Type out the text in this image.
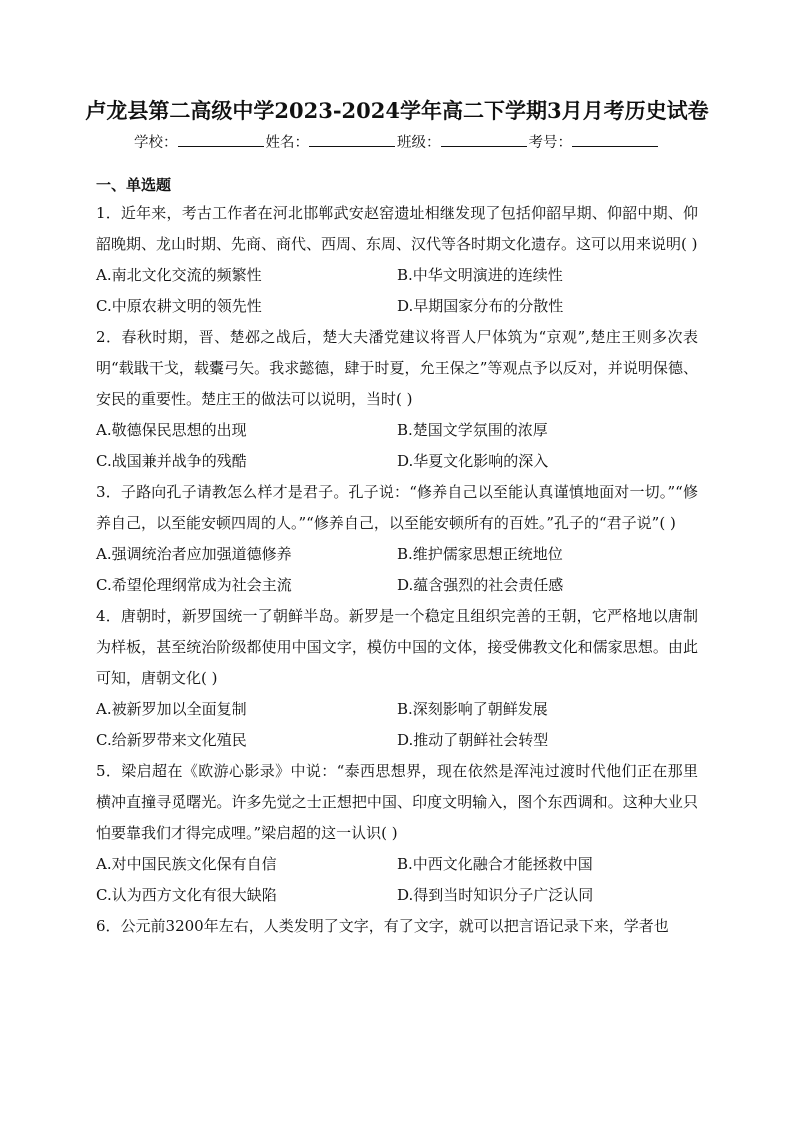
卢龙县第二高级中学2023-2024学年高二下学期3月月考历史试卷
学校：	姓名：	班级：	考号：
一、单选题
1．近年来，考古工作者在河北邯郸武安赵窑遗址相继发现了包括仰韶早期、仰韶中期、仰韶晚期、龙山时期、先商、商代、西周、东周、汉代等各时期文化遗存。这可以用来说明( )
A.南北文化交流的频繁性	B.中华文明演进的连续性
C.中原农耕文明的领先性	D.早期国家分布的分散性
2．春秋时期，晋、楚邲之战后，楚大夫潘党建议将晋人尸体筑为“京观”,楚庄王则多次表明“载戢干戈，载櫜弓矢。我求懿德，肆于时夏，允王保之”等观点予以反对，并说明保德、安民的重要性。楚庄王的做法可以说明，当时( )
A.敬德保民思想的出现	B.楚国文学氛围的浓厚
C.战国兼并战争的残酷	D.华夏文化影响的深入
3．子路向孔子请教怎么样才是君子。孔子说：“修养自己以至能认真谨慎地面对一切。”“修养自己，以至能安顿四周的人。”“修养自己，以至能安顿所有的百姓。”孔子的“君子说”( )
A.强调统治者应加强道德修养	B.维护儒家思想正统地位
C.希望伦理纲常成为社会主流	D.蕴含强烈的社会责任感
4．唐朝时，新罗国统一了朝鲜半岛。新罗是一个稳定且组织完善的王朝，它严格地以唐制为样板，甚至统治阶级都使用中国文字，模仿中国的文体，接受佛教文化和儒家思想。由此可知，唐朝文化( )
A.被新罗加以全面复制	B.深刻影响了朝鲜发展
C.给新罗带来文化殖民	D.推动了朝鲜社会转型
5．梁启超在《欧游心影录》中说：“泰西思想界，现在依然是浑沌过渡时代他们正在那里横冲直撞寻觅曙光。许多先觉之士正想把中国、印度文明输入，图个东西调和。这种大业只怕要靠我们才得完成哩。”梁启超的这一认识( )
A.对中国民族文化保有自信	B.中西文化融合才能拯救中国
C.认为西方文化有很大缺陷	D.得到当时知识分子广泛认同
6．公元前3200年左右，人类发明了文字，有了文字，就可以把言语记录下来，学者也
